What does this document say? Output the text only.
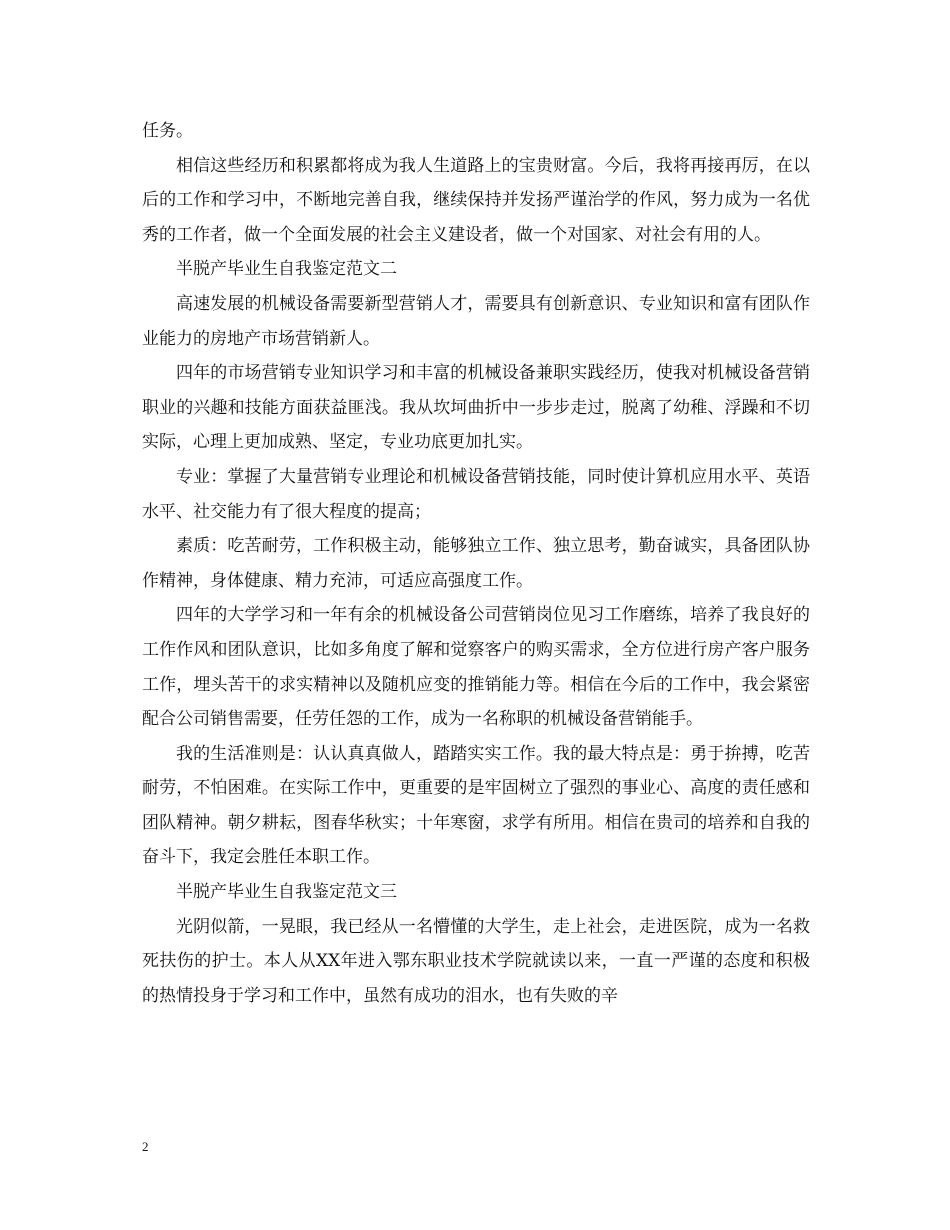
任务。

相信这些经历和积累都将成为我人生道路上的宝贵财富。今后，我将再接再厉，在以后的工作和学习中，不断地完善自我，继续保持并发扬严谨治学的作风，努力成为一名优秀的工作者，做一个全面发展的社会主义建设者，做一个对国家、对社会有用的人。

半脱产毕业生自我鉴定范文二

高速发展的机械设备需要新型营销人才，需要具有创新意识、专业知识和富有团队作业能力的房地产市场营销新人。

四年的市场营销专业知识学习和丰富的机械设备兼职实践经历，使我对机械设备营销职业的兴趣和技能方面获益匪浅。我从坎坷曲折中一步步走过，脱离了幼稚、浮躁和不切实际，心理上更加成熟、坚定，专业功底更加扎实。

专业：掌握了大量营销专业理论和机械设备营销技能，同时使计算机应用水平、英语水平、社交能力有了很大程度的提高；

素质：吃苦耐劳，工作积极主动，能够独立工作、独立思考，勤奋诚实，具备团队协作精神，身体健康、精力充沛，可适应高强度工作。

四年的大学学习和一年有余的机械设备公司营销岗位见习工作磨练，培养了我良好的工作作风和团队意识，比如多角度了解和觉察客户的购买需求，全方位进行房产客户服务工作，埋头苦干的求实精神以及随机应变的推销能力等。相信在今后的工作中，我会紧密配合公司销售需要，任劳任怨的工作，成为一名称职的机械设备营销能手。

我的生活准则是：认认真真做人，踏踏实实工作。我的最大特点是：勇于拚搏，吃苦耐劳，不怕困难。在实际工作中，更重要的是牢固树立了强烈的事业心、高度的责任感和团队精神。朝夕耕耘，图春华秋实；十年寒窗，求学有所用。相信在贵司的培养和自我的奋斗下，我定会胜任本职工作。

半脱产毕业生自我鉴定范文三

光阴似箭，一晃眼，我已经从一名懵懂的大学生，走上社会，走进医院，成为一名救死扶伤的护士。本人从XX年进入鄂东职业技术学院就读以来，一直一严谨的态度和积极的热情投身于学习和工作中，虽然有成功的泪水，也有失败的辛

2
